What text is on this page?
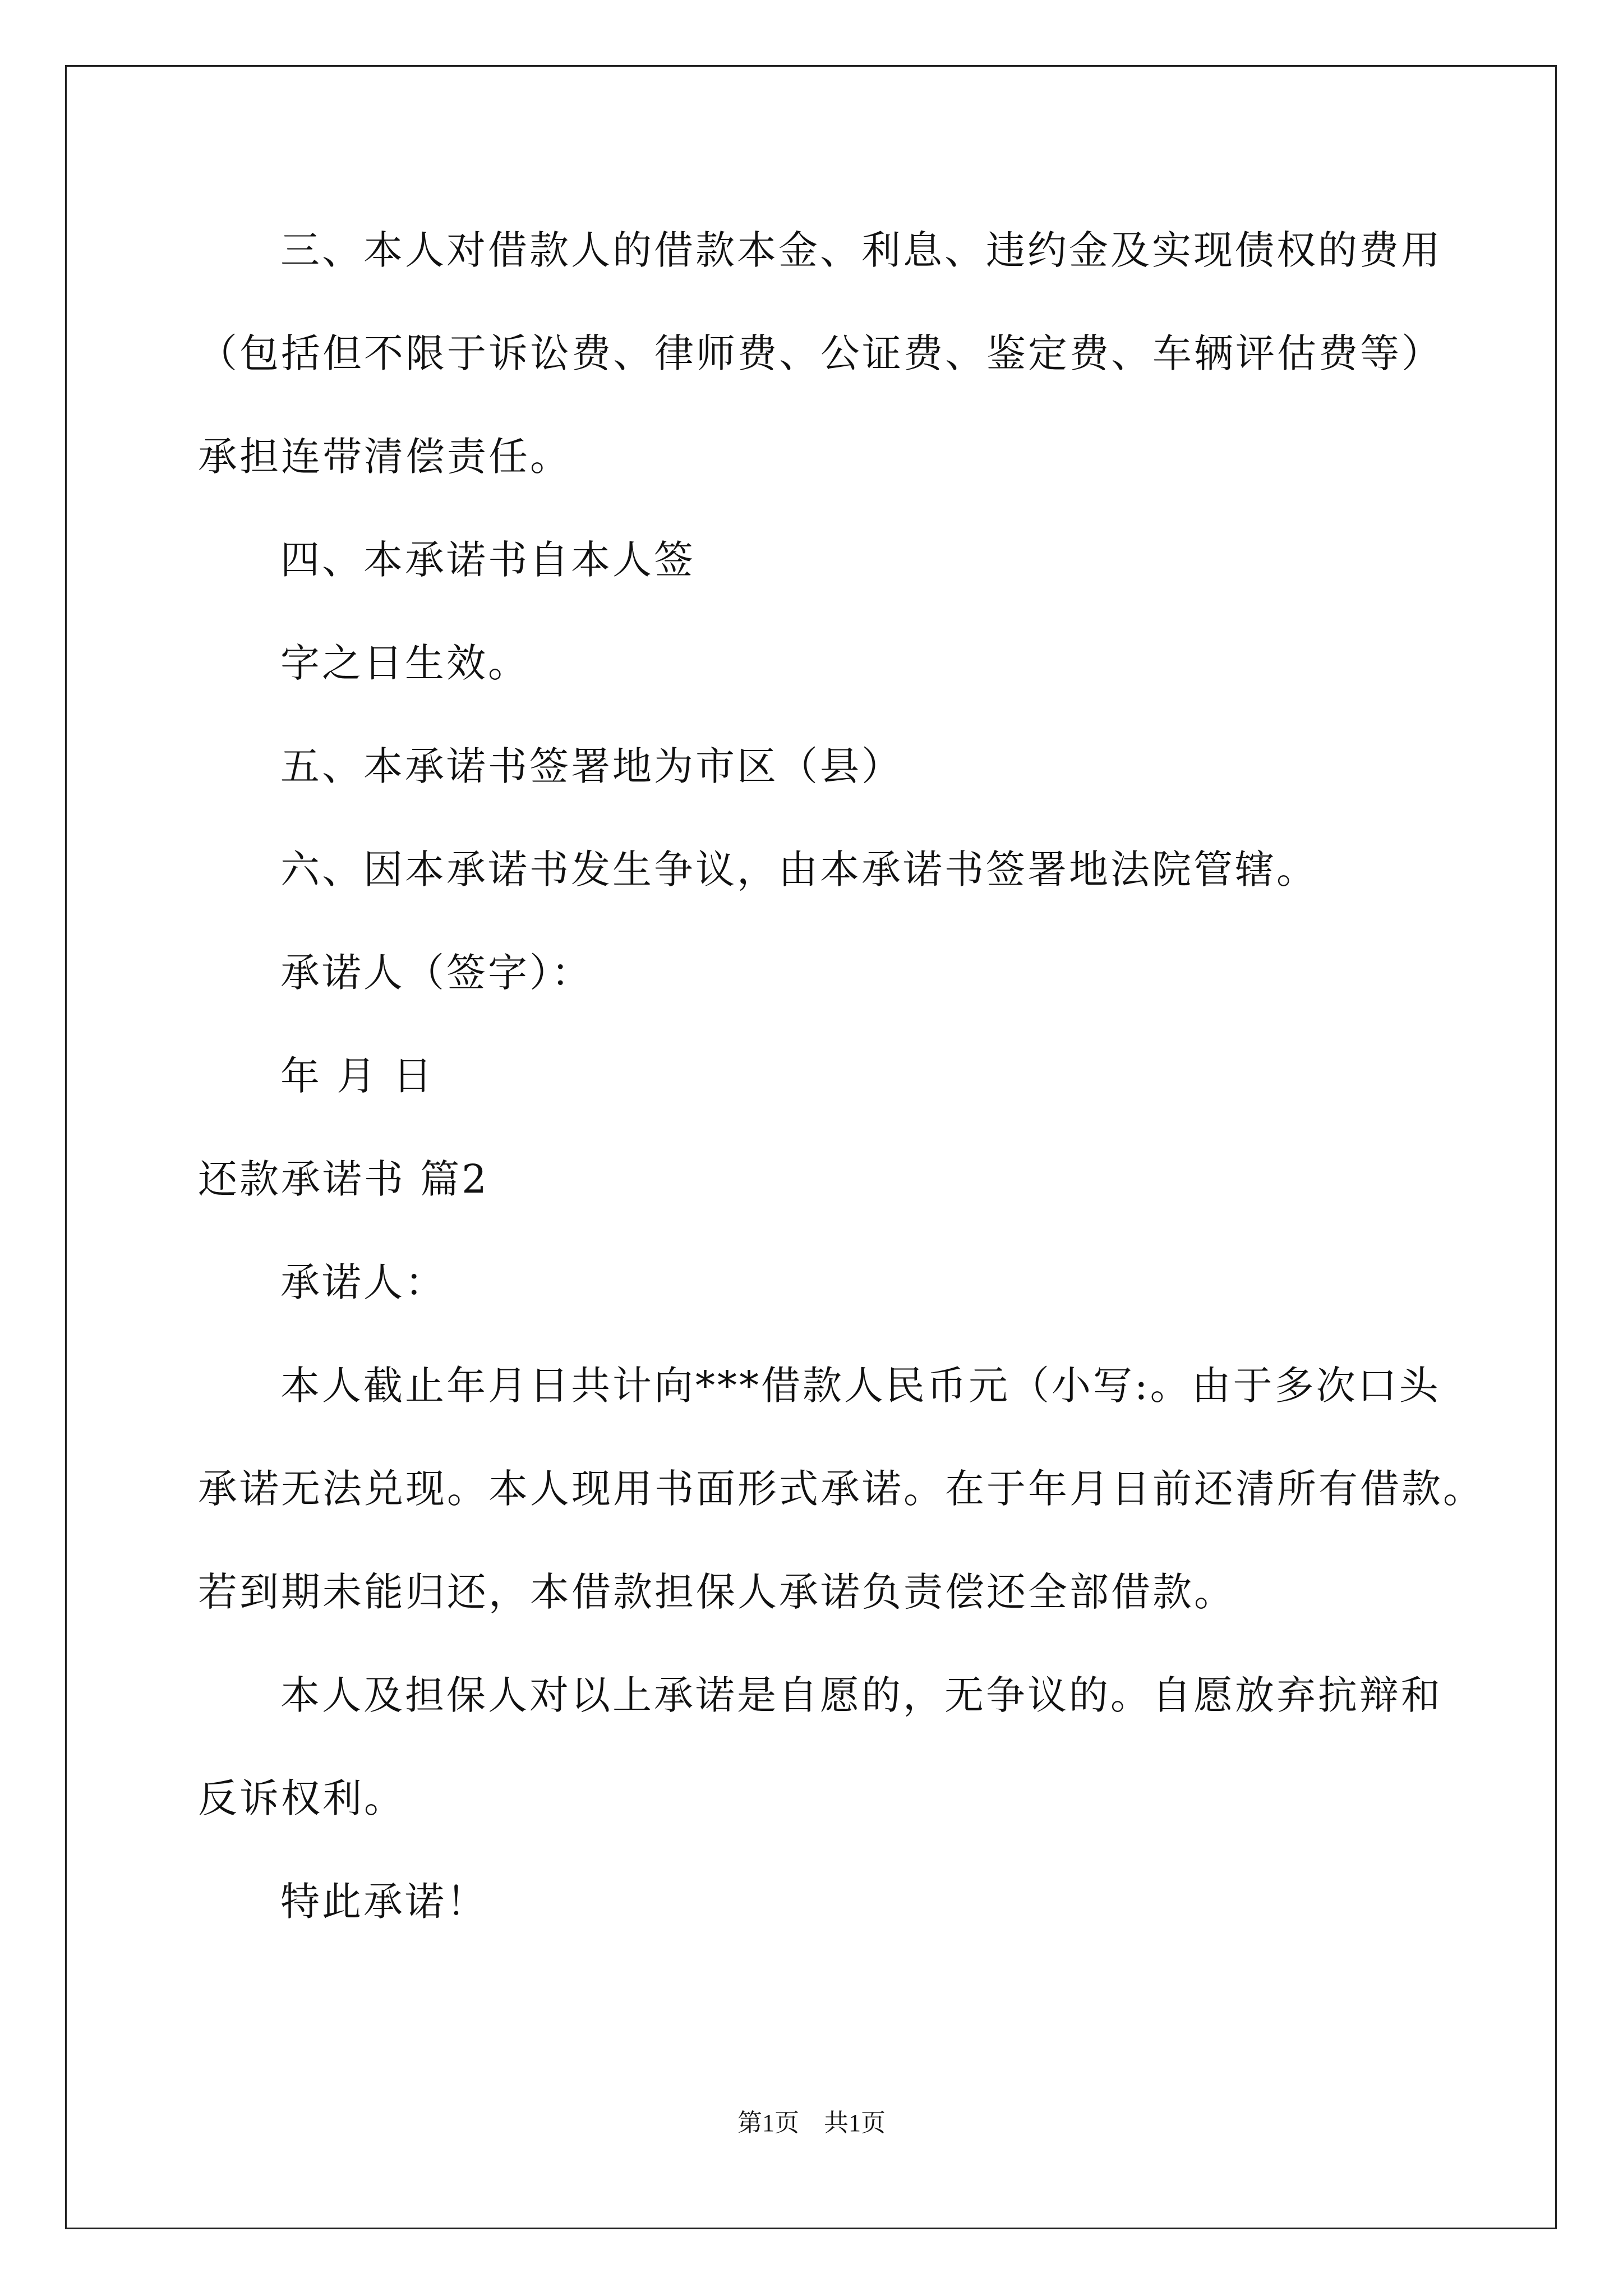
三、本人对借款人的借款本金、利息、违约金及实现债权的费用
（包括但不限于诉讼费、律师费、公证费、鉴定费、车辆评估费等）
承担连带清偿责任。
四、本承诺书自本人签
字之日生效。
五、本承诺书签署地为市区（县）
六、因本承诺书发生争议，由本承诺书签署地法院管辖。
承诺人（签字）：
年 月 日
还款承诺书 篇2
承诺人：
本人截止年月日共计向***借款人民币元（小写:。由于多次口头
承诺无法兑现。本人现用书面形式承诺。在于年月日前还清所有借款。
若到期未能归还，本借款担保人承诺负责偿还全部借款。
本人及担保人对以上承诺是自愿的，无争议的。自愿放弃抗辩和
反诉权利。
特此承诺！
第1页　共1页
